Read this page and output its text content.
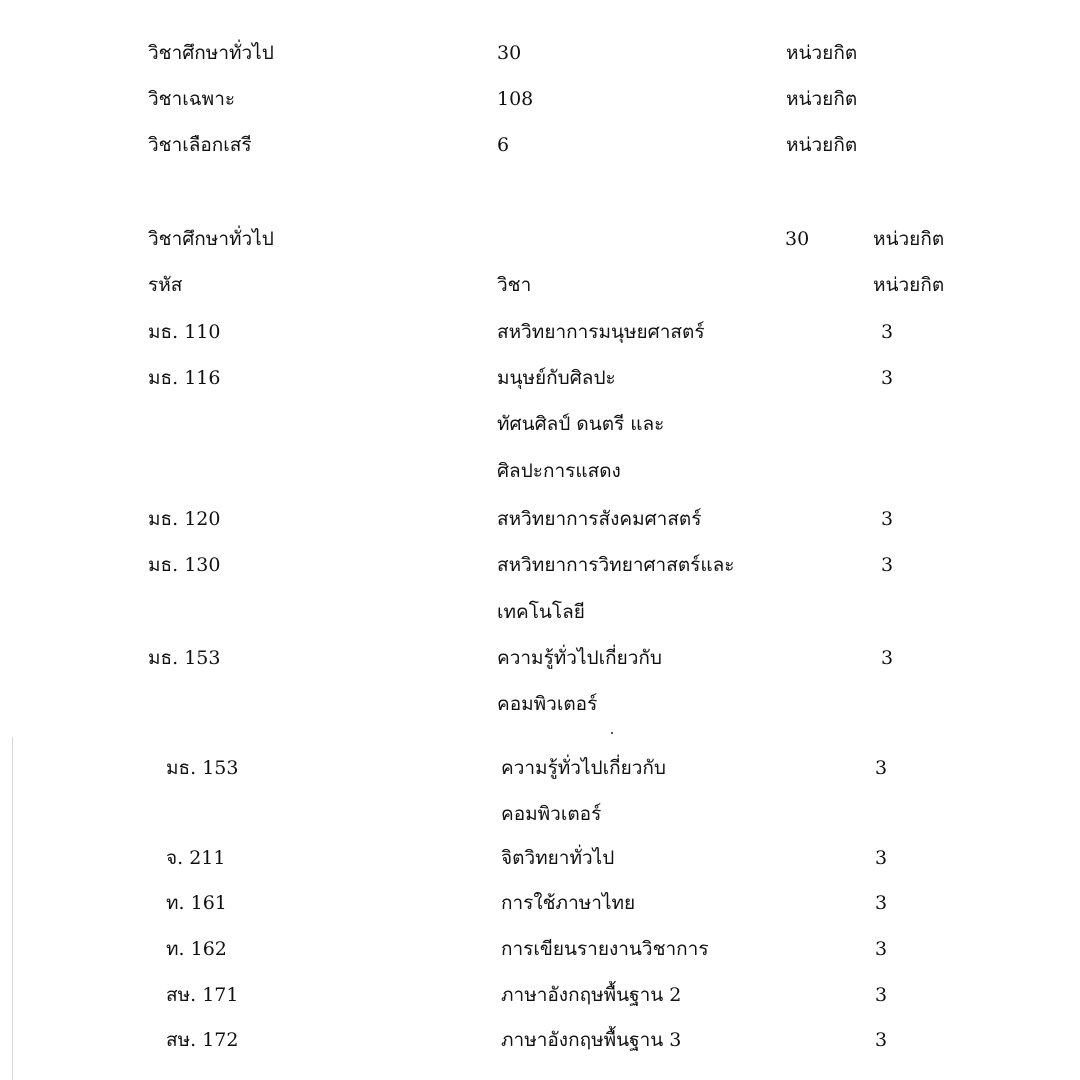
วิชาศึกษาทั่วไป	30	หน่วยกิต
วิชาเฉพาะ	108	หน่วยกิต
วิชาเลือกเสรี	6	หน่วยกิต
วิชาศึกษาทั่วไป	30	หน่วยกิต
รหัส	วิชา	หน่วยกิต
มธ. 110	สหวิทยาการมนุษยศาสตร์	3
มธ. 116	มนุษย์กับศิลปะ	3
ทัศนศิลป์ ดนตรี และ
ศิลปะการแสดง
มธ. 120	สหวิทยาการสังคมศาสตร์	3
มธ. 130	สหวิทยาการวิทยาศาสตร์และ	3
เทคโนโลยี
มธ. 153	ความรู้ทั่วไปเกี่ยวกับ	3
คอมพิวเตอร์
มธ. 153	ความรู้ทั่วไปเกี่ยวกับ	3
คอมพิวเตอร์
จ. 211	จิตวิทยาทั่วไป	3
ท. 161	การใช้ภาษาไทย	3
ท. 162	การเขียนรายงานวิชาการ	3
สษ. 171	ภาษาอังกฤษพื้นฐาน 2	3
สษ. 172	ภาษาอังกฤษพื้นฐาน 3	3
